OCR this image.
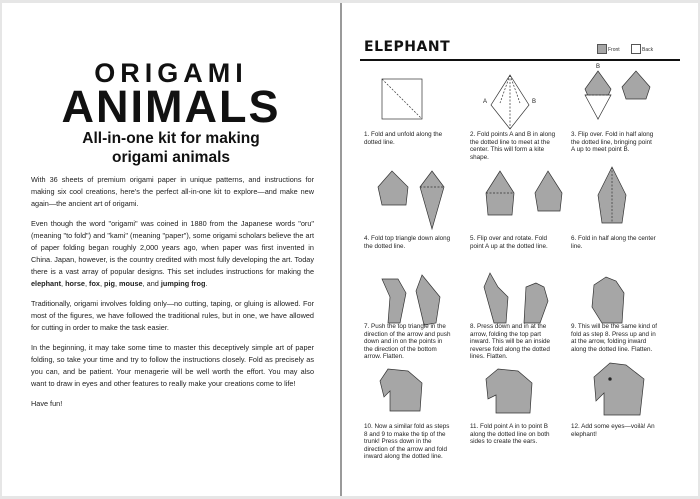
ORIGAMI
ANIMALS
All-in-one kit for making
origami animals

With 36 sheets of premium origami paper in unique patterns, and instructions for making six cool creations, here's the perfect all-in-one kit to explore—and make new again—the ancient art of origami.

Even though the word "origami" was coined in 1880 from the Japanese words "oru" (meaning "to fold") and "kami" (meaning "paper"), some origami scholars believe the art of paper folding began roughly 2,000 years ago, when paper was first invented in China. Japan, however, is the country credited with most fully developing the art. Today there is a vast array of popular designs. This set includes instructions for making the elephant, horse, fox, pig, mouse, and jumping frog.

Traditionally, origami involves folding only—no cutting, taping, or gluing is allowed. For most of the figures, we have followed the traditional rules, but in one, we have allowed for cutting in order to make the task easier.

In the beginning, it may take some time to master this deceptively simple art of paper folding, so take your time and try to follow the instructions closely. Fold as precisely as you can, and be patient. Your menagerie will be well worth the effort. You may also want to draw in eyes and other features to really make your creations come to life!

Have fun!

ELEPHANT	Front	Back
A	B
B
1. Fold and unfold along the dotted line.
2. Fold points A and B in along the dotted line to meet at the center. This will form a kite shape.
3. Flip over. Fold in half along the dotted line, bringing point A up to meet point B.
4. Fold top triangle down along the dotted line.
5. Flip over and rotate. Fold point A up at the dotted line.
6. Fold in half along the center line.
7. Push the top triangle in the direction of the arrow and push down and in on the points in the direction of the bottom arrow. Flatten.
8. Press down and in at the arrow, folding the top part inward. This will be an inside reverse fold along the dotted lines. Flatten.
9. This will be the same kind of fold as step 8. Press up and in at the arrow, folding inward along the dotted line. Flatten.
10. Now a similar fold as steps 8 and 9 to make the tip of the trunk! Press down in the direction of the arrow and fold inward along the dotted line.
11. Fold point A in to point B along the dotted line on both sides to create the ears.
12. Add some eyes—voilà! An elephant!
